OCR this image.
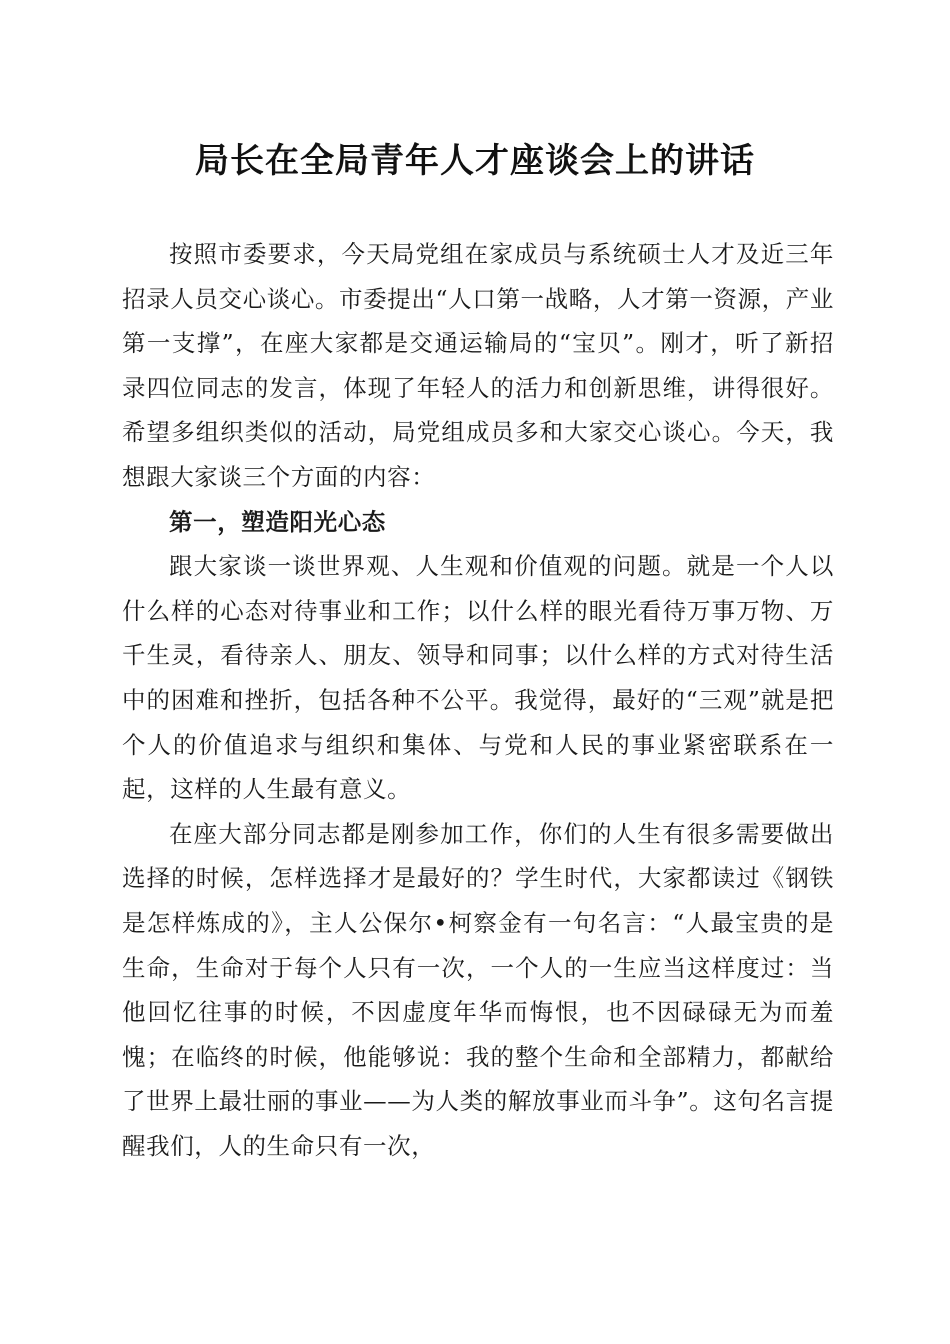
局长在全局青年人才座谈会上的讲话

按照市委要求，今天局党组在家成员与系统硕士人才及近三年招录人员交心谈心。市委提出“人口第一战略，人才第一资源，产业第一支撑”，在座大家都是交通运输局的“宝贝”。刚才，听了新招录四位同志的发言，体现了年轻人的活力和创新思维，讲得很好。希望多组织类似的活动，局党组成员多和大家交心谈心。今天，我想跟大家谈三个方面的内容：

第一，塑造阳光心态

跟大家谈一谈世界观、人生观和价值观的问题。就是一个人以什么样的心态对待事业和工作；以什么样的眼光看待万事万物、万千生灵，看待亲人、朋友、领导和同事；以什么样的方式对待生活中的困难和挫折，包括各种不公平。我觉得，最好的“三观”就是把个人的价值追求与组织和集体、与党和人民的事业紧密联系在一起，这样的人生最有意义。

在座大部分同志都是刚参加工作，你们的人生有很多需要做出选择的时候，怎样选择才是最好的？学生时代，大家都读过《钢铁是怎样炼成的》，主人公保尔•柯察金有一句名言：“人最宝贵的是生命，生命对于每个人只有一次，一个人的一生应当这样度过：当他回忆往事的时候，不因虚度年华而悔恨，也不因碌碌无为而羞愧；在临终的时候，他能够说：我的整个生命和全部精力，都献给了世界上最壮丽的事业——为人类的解放事业而斗争”。这句名言提醒我们，人的生命只有一次，
